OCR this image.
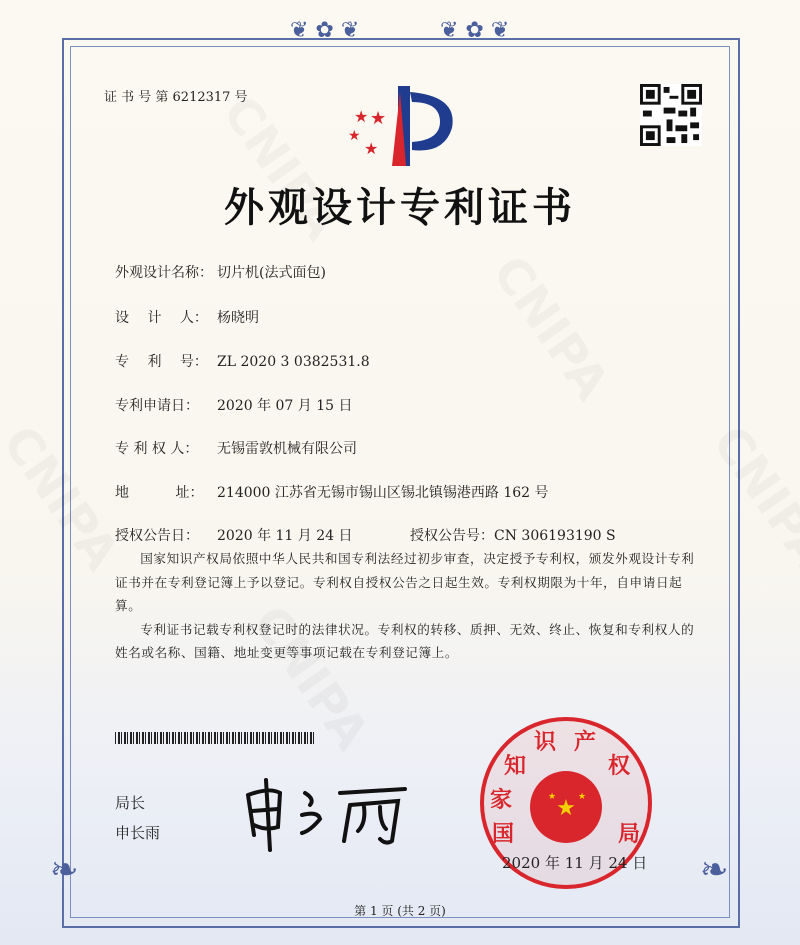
❦ ✿ ❦	❦ ✿ ❦
❧	❧
证 书 号 第 6212317 号
★ ★
★
★
外观设计专利证书
外观设计名称： 切片机(法式面包)
设　 计　 人： 杨晓明
专　 利　 号： ZL 2020 3 0382531.8
专利申请日： 2020 年 07 月 15 日
专 利 权 人： 无锡雷敦机械有限公司
地　　　 址： 214000 江苏省无锡市锡山区锡北镇锡港西路 162 号
授权公告日： 2020 年 11 月 24 日	授权公告号：CN 306193190 S

国家知识产权局依照中华人民共和国专利法经过初步审查，决定授予专利权，颁发外观设计专利证书并在专利登记簿上予以登记。专利权自授权公告之日起生效。专利权期限为十年，自申请日起算。

专利证书记载专利权登记时的法律状况。专利权的转移、质押、无效、终止、恢复和专利权人的姓名或名称、国籍、地址变更等事项记载在专利登记簿上。

局长
申长雨
★
★ ★
国
家
知
识 产
权
局
2020 年 11 月 24 日
第 1 页 (共 2 页)
